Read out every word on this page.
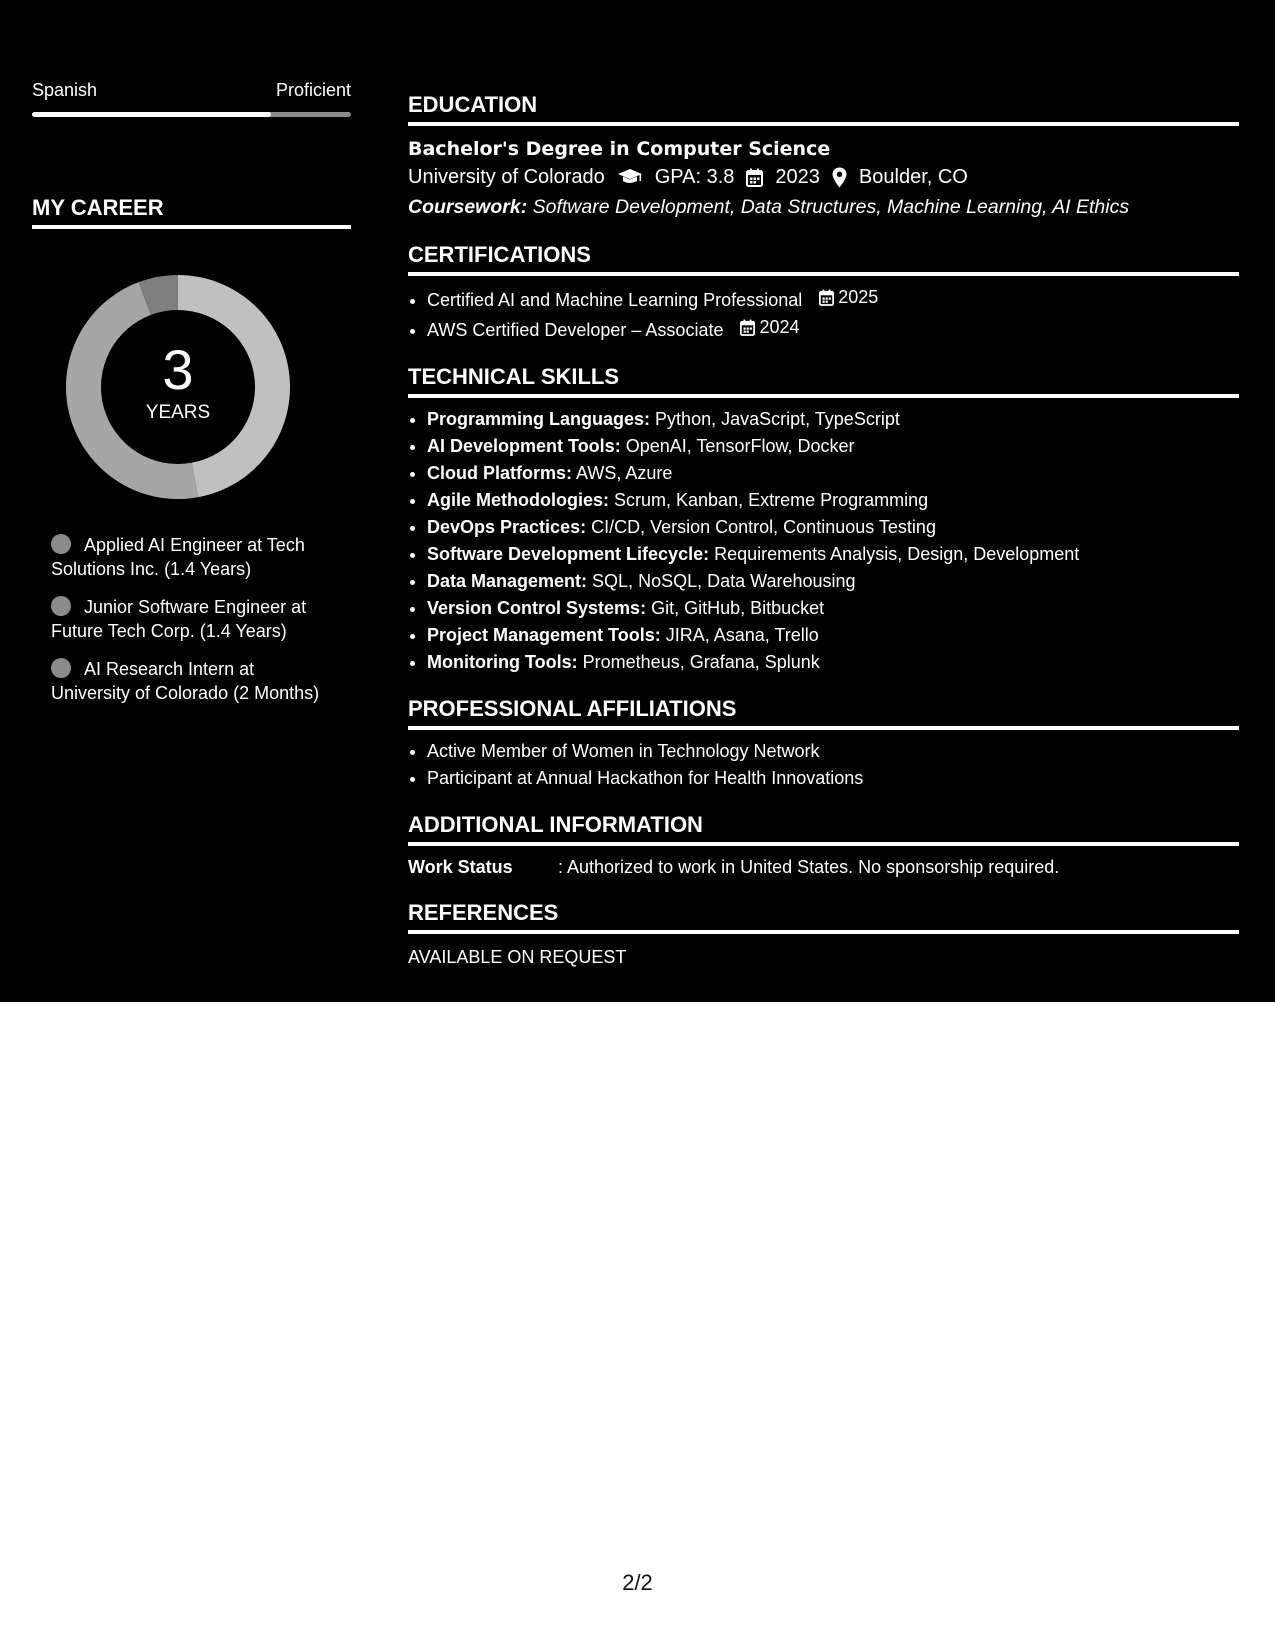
Spanish	Proficient
MY CAREER
3
YEARS
Applied AI Engineer at Tech Solutions Inc. (1.4 Years)
Junior Software Engineer at Future Tech Corp. (1.4 Years)
AI Research Intern at University of Colorado (2 Months)
EDUCATION
Bachelor's Degree in Computer Science
University of Colorado	GPA: 3.8 2023 Boulder, CO
Coursework: Software Development, Data Structures, Machine Learning, AI Ethics
CERTIFICATIONS
• Certified AI and Machine Learning Professional 2025
• AWS Certified Developer – Associate 2024
TECHNICAL SKILLS
• Programming Languages: Python, JavaScript, TypeScript
• AI Development Tools: OpenAI, TensorFlow, Docker
• Cloud Platforms: AWS, Azure
• Agile Methodologies: Scrum, Kanban, Extreme Programming
• DevOps Practices: CI/CD, Version Control, Continuous Testing
• Software Development Lifecycle: Requirements Analysis, Design, Development
• Data Management: SQL, NoSQL, Data Warehousing
• Version Control Systems: Git, GitHub, Bitbucket
• Project Management Tools: JIRA, Asana, Trello
• Monitoring Tools: Prometheus, Grafana, Splunk
PROFESSIONAL AFFILIATIONS
• Active Member of Women in Technology Network
• Participant at Annual Hackathon for Health Innovations
ADDITIONAL INFORMATION
Work Status	: Authorized to work in United States. No sponsorship required.
REFERENCES
AVAILABLE ON REQUEST
2/2
